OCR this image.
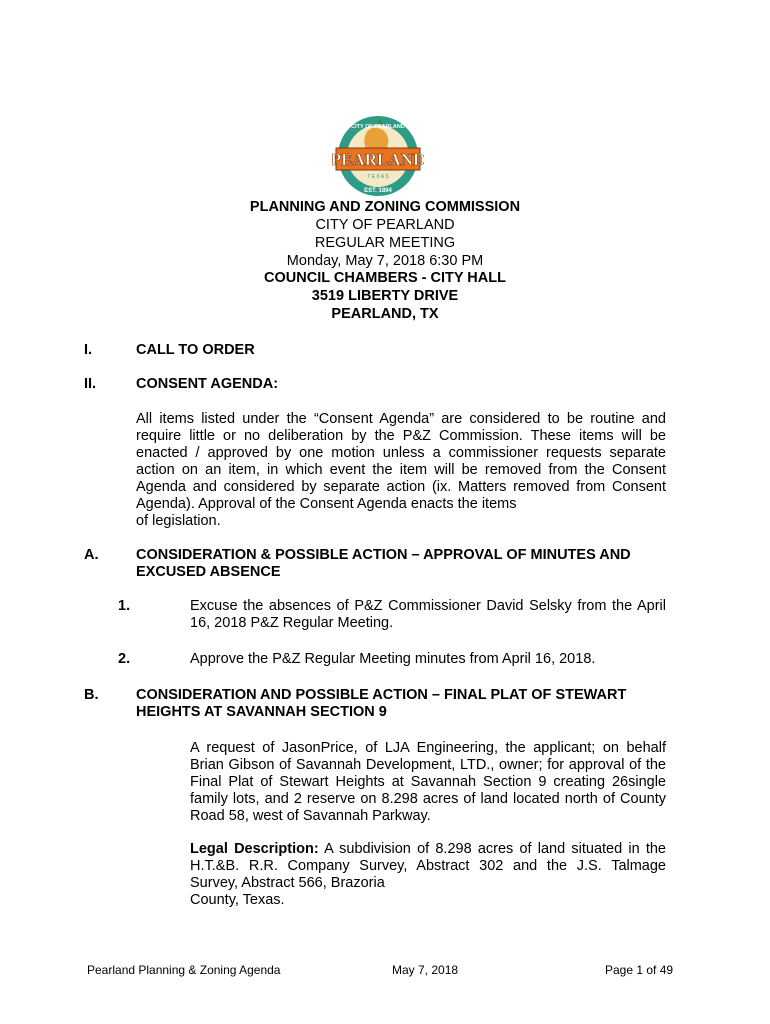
PEARLAND
T E X A S
EST. 1894
CITY OF PEARLAND
PLANNING AND ZONING COMMISSION
CITY OF PEARLAND
REGULAR MEETING
Monday, May 7, 2018 6:30 PM
COUNCIL CHAMBERS - CITY HALL
3519 LIBERTY DRIVE
PEARLAND, TX
I.	CALL TO ORDER
II.	CONSENT AGENDA:
All items listed under the “Consent Agenda” are considered to be routine and require little or no deliberation by the P&Z Commission. These items will be enacted / approved by one motion unless a commissioner requests separate action on an item, in which event the item will be removed from the Consent Agenda and considered by separate action (ix. Matters removed from Consent Agenda). Approval of the Consent Agenda enacts the items
of legislation.
A.	CONSIDERATION & POSSIBLE ACTION – APPROVAL OF MINUTES AND
EXCUSED ABSENCE
1.	Excuse the absences of P&Z Commissioner David Selsky from the April 16, 2018 P&Z Regular Meeting.
2.	Approve the P&Z Regular Meeting minutes from April 16, 2018.
B.	CONSIDERATION AND POSSIBLE ACTION – FINAL PLAT OF STEWART
HEIGHTS AT SAVANNAH SECTION 9
A request of JasonPrice, of LJA Engineering, the applicant; on behalf Brian Gibson of Savannah Development, LTD., owner; for approval of the Final Plat of Stewart Heights at Savannah Section 9 creating 26single family lots, and 2 reserve on 8.298 acres of land located north of County Road 58, west of Savannah Parkway.
Legal Description: A subdivision of 8.298 acres of land situated in the H.T.&B. R.R. Company Survey, Abstract 302 and the J.S. Talmage Survey, Abstract 566, Brazoria
County, Texas.
Pearland Planning & Zoning Agenda	May 7, 2018	Page 1 of 49
